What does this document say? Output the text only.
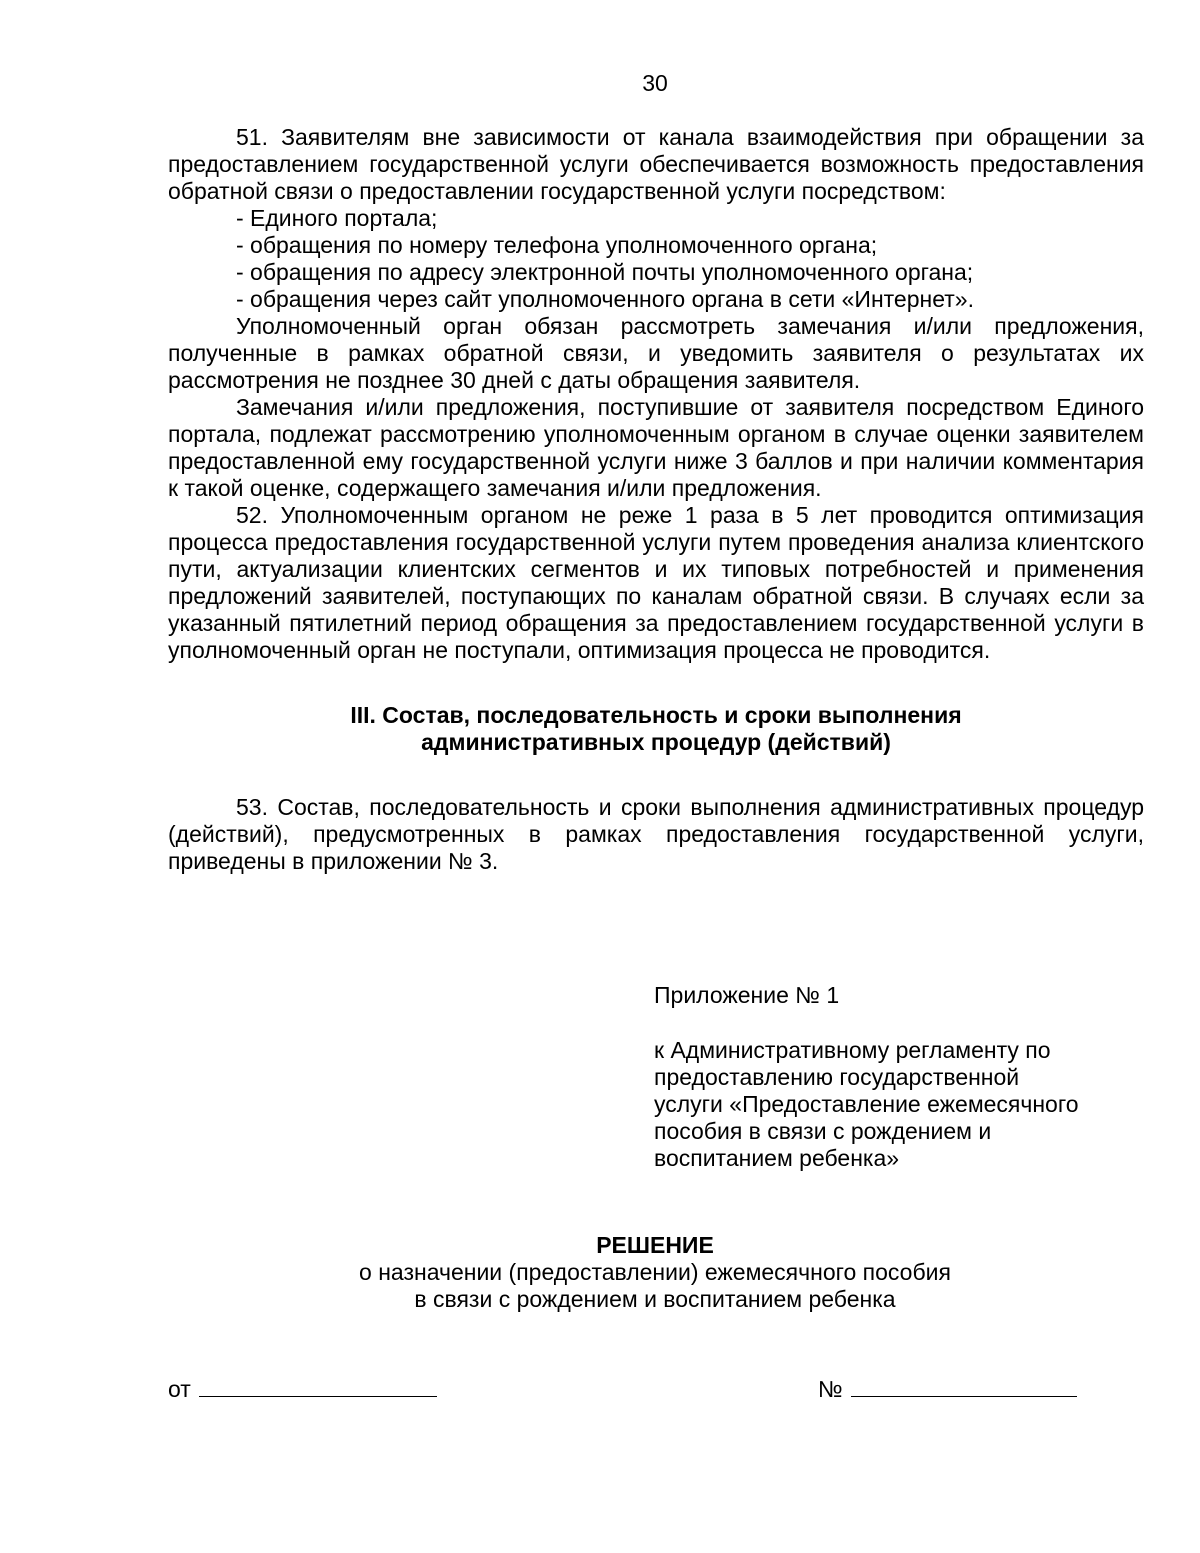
30

51. Заявителям вне зависимости от канала взаимодействия при обращении за предоставлением государственной услуги обеспечивается возможность предоставления обратной связи о предоставлении государственной услуги посредством:

- Единого портала;

- обращения по номеру телефона уполномоченного органа;

- обращения по адресу электронной почты уполномоченного органа;

- обращения через сайт уполномоченного органа в сети «Интернет».

Уполномоченный орган обязан рассмотреть замечания и/или предложения, полученные в рамках обратной связи, и уведомить заявителя о результатах их рассмотрения не позднее 30 дней с даты обращения заявителя.

Замечания и/или предложения, поступившие от заявителя посредством Единого портала, подлежат рассмотрению уполномоченным органом в случае оценки заявителем предоставленной ему государственной услуги ниже 3 баллов и при наличии комментария к такой оценке, содержащего замечания и/или предложения.

52. Уполномоченным органом не реже 1 раза в 5 лет проводится оптимизация процесса предоставления государственной услуги путем проведения анализа клиентского пути, актуализации клиентских сегментов и их типовых потребностей и применения предложений заявителей, поступающих по каналам обратной связи. В случаях если за указанный пятилетний период обращения за предоставлением государственной услуги в уполномоченный орган не поступали, оптимизация процесса не проводится.

III. Состав, последовательность и сроки выполнения
административных процедур (действий)

53. Состав, последовательность и сроки выполнения административных процедур (действий), предусмотренных в рамках предоставления государственной услуги, приведены в приложении № 3.

Приложение № 1

к Административному регламенту по

предоставлению государственной

услуги «Предоставление ежемесячного

пособия в связи с рождением и

воспитанием ребенка»

РЕШЕНИЕ
о назначении (предоставлении) ежемесячного пособия
в связи с рождением и воспитанием ребенка
от	№
